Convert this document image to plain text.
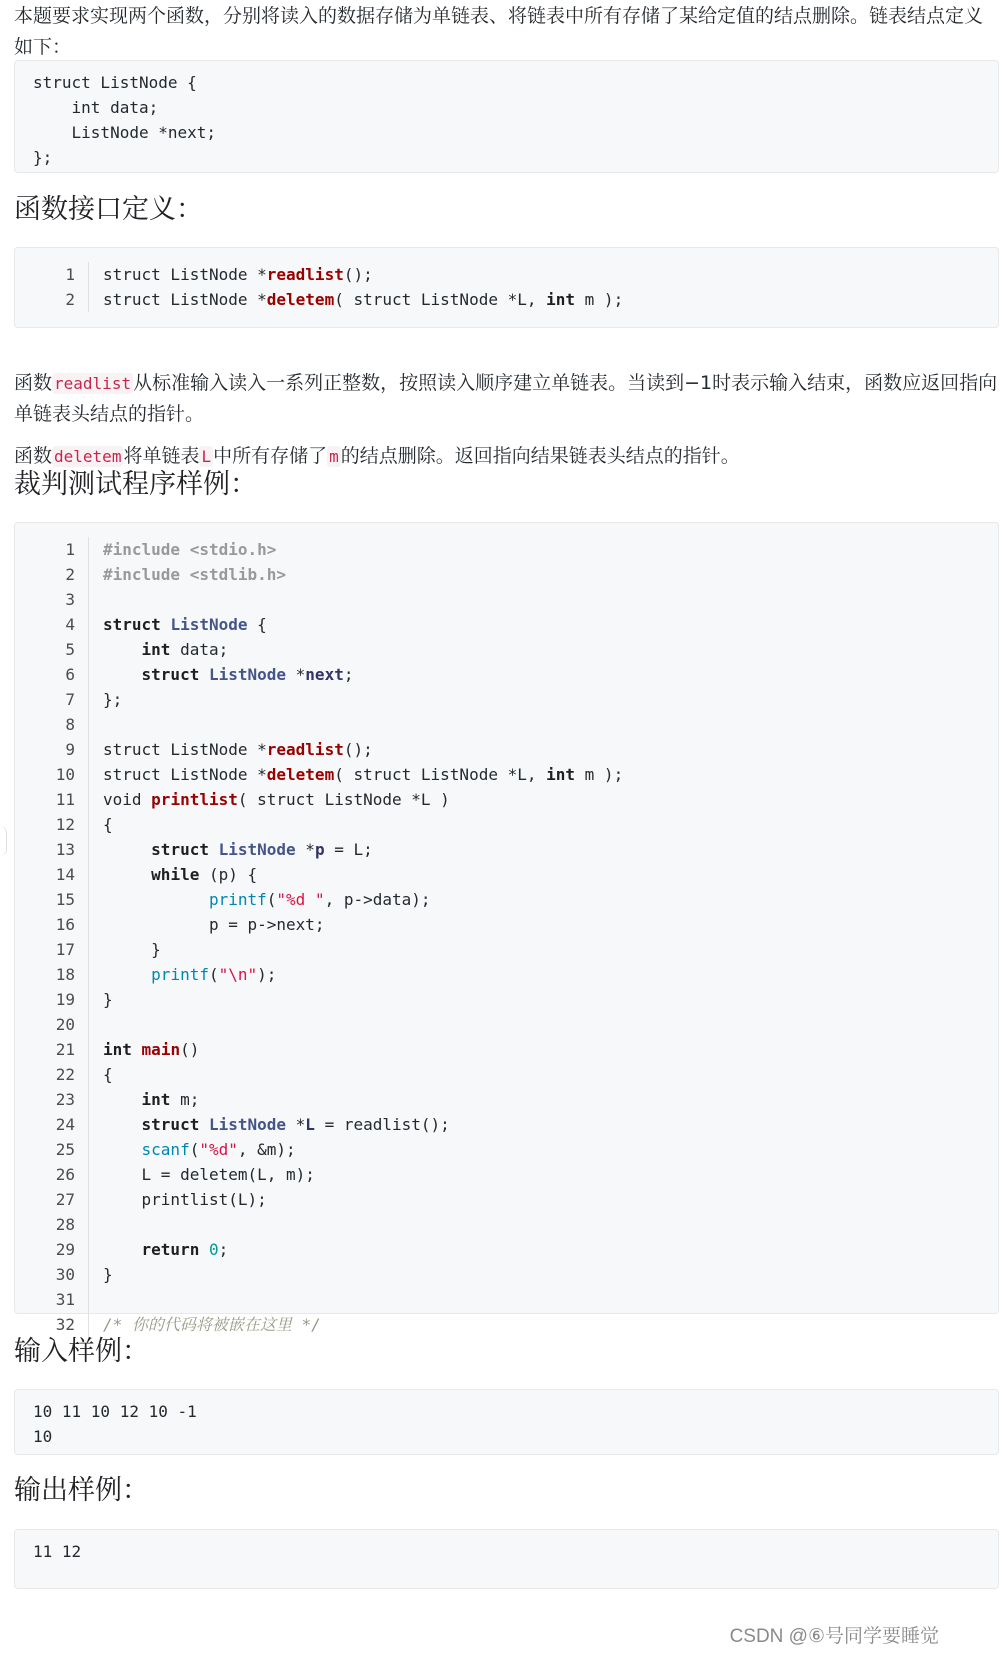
本题要求实现两个函数，分别将读入的数据存储为单链表、将链表中所有存储了某给定值的结点删除。链表结点定义如下：

struct ListNode {
int data;
ListNode *next;
};
函数接口定义：
1
2
struct ListNode *readlist();
struct ListNode *deletem( struct ListNode *L, int m );

函数 readlist 从标准输入读入一系列正整数，按照读入顺序建立单链表。当读到−1时表示输入结束，函数应返回指向单链表头结点的指针。

函数 deletem 将单链表 L 中所有存储了 m 的结点删除。返回指向结果链表头结点的指针。

裁判测试程序样例：
1
2
3
4
5
6
7
8
9
10
11
12
13
14
15
16
17
18
19
20
21
22
23
24
25
26
27
28
29
30
31
32
#include <stdio.h>
#include <stdlib.h>

struct ListNode {
int data;
struct ListNode *next;
};

struct ListNode *readlist();
struct ListNode *deletem( struct ListNode *L, int m );
void printlist( struct ListNode *L )
{
struct ListNode *p = L;
while (p) {
printf("%d ", p->data);
p = p->next;
}
printf("\n");
}

int main()
{
int m;
struct ListNode *L = readlist();
scanf("%d", &m);
L = deletem(L, m);
printlist(L);

return 0;
}

/* 你的代码将被嵌在这里 */
输入样例：
10 11 10 12 10 -1
10
输出样例：
11 12
CSDN @⑥号同学要睡觉
